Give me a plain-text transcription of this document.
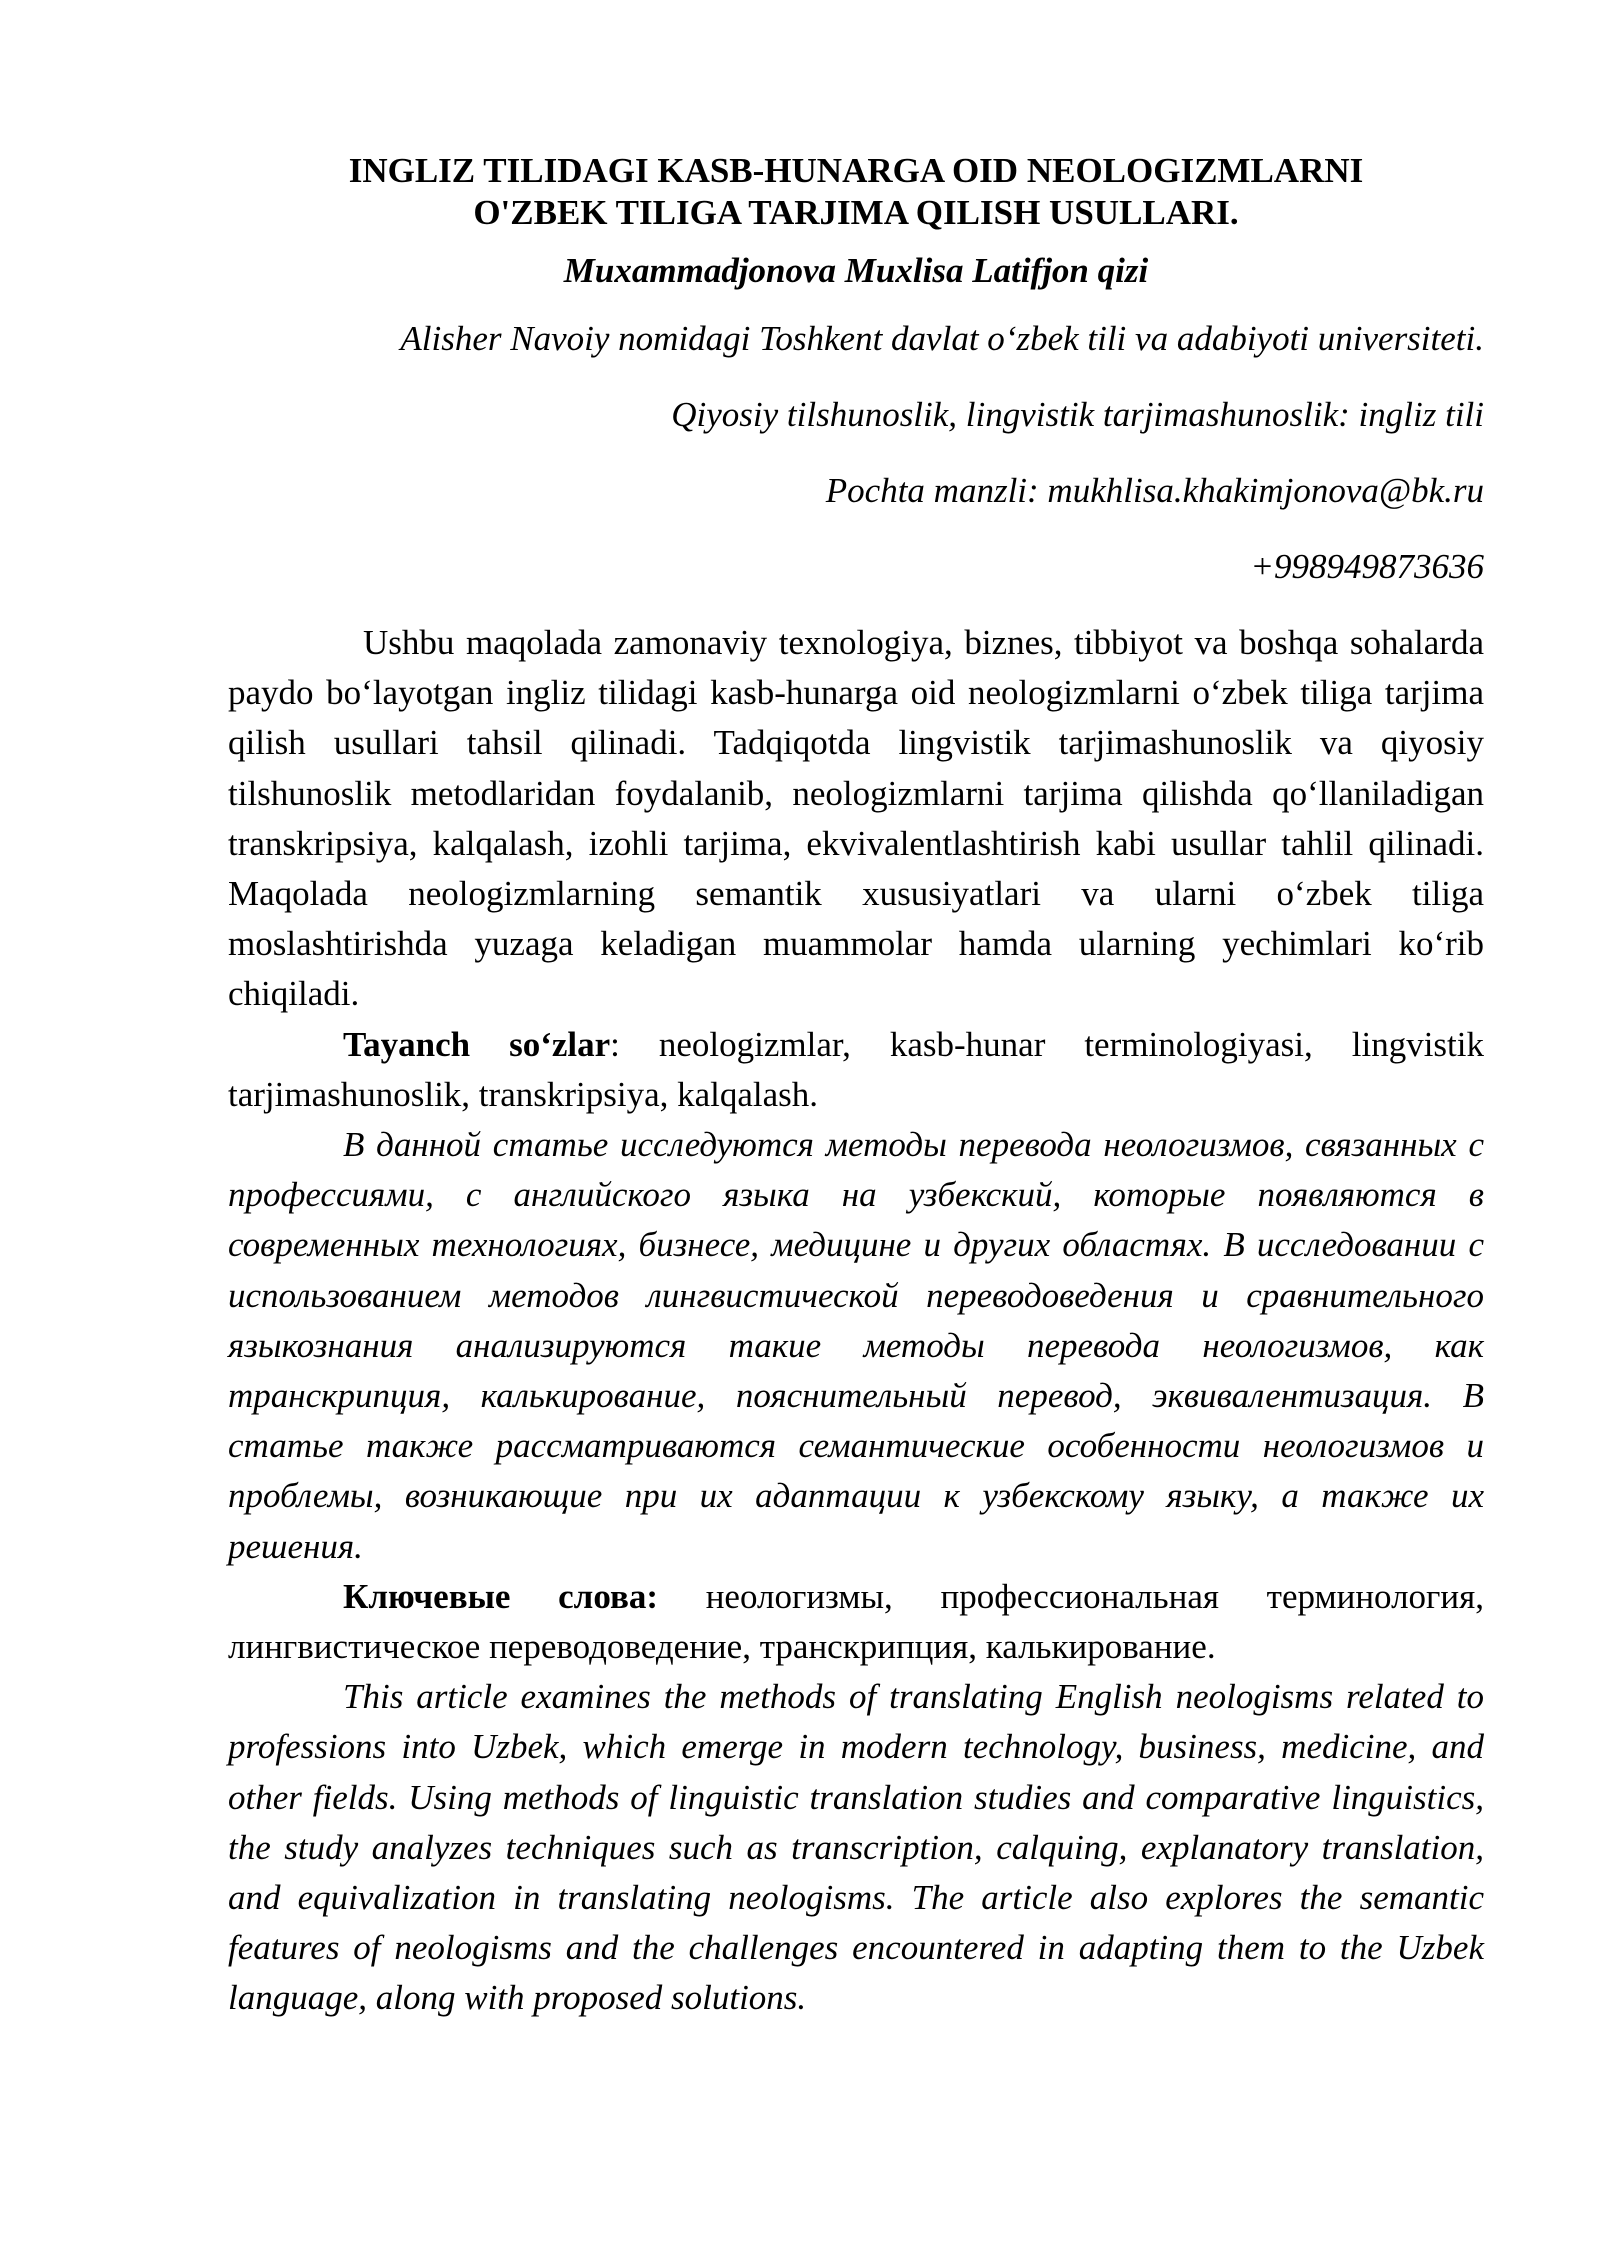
INGLIZ TILIDAGI KASB-HUNARGA OID NEOLOGIZMLARNI
O'ZBEK TILIGA TARJIMA QILISH USULLARI.

Muxammadjonova Muxlisa Latifjon qizi

Alisher Navoiy nomidagi Toshkent davlat o‘zbek tili va adabiyoti universiteti.

Qiyosiy tilshunoslik, lingvistik tarjimashunoslik: ingliz tili

Pochta manzli: mukhlisa.khakimjonova@bk.ru

+998949873636

Ushbu maqolada zamonaviy texnologiya, biznes, tibbiyot va boshqa sohalarda paydo bo‘layotgan ingliz tilidagi kasb-hunarga oid neologizmlarni o‘zbek tiliga tarjima qilish usullari tahsil qilinadi. Tadqiqotda lingvistik tarjimashunoslik va qiyosiy tilshunoslik metodlaridan foydalanib, neologizmlarni tarjima qilishda qo‘llaniladigan transkripsiya, kalqalash, izohli tarjima, ekvivalentlashtirish kabi usullar tahlil qilinadi. Maqolada neologizmlarning semantik xususiyatlari va ularni o‘zbek tiliga moslashtirishda yuzaga keladigan muammolar hamda ularning yechimlari ko‘rib chiqiladi.

Tayanch so‘zlar: neologizmlar, kasb-hunar terminologiyasi, lingvistik tarjimashunoslik, transkripsiya, kalqalash.

В данной статье исследуются методы перевода неологизмов, связанных с профессиями, с английского языка на узбекский, которые появляются в современных технологиях, бизнесе, медицине и других областях. В исследовании с использованием методов лингвистической переводоведения и сравнительного языкознания анализируются такие методы перевода неологизмов, как транскрипция, калькирование, пояснительный перевод, эквивалентизация. В статье также рассматриваются семантические особенности неологизмов и проблемы, возникающие при их адаптации к узбекскому языку, а также их решения.

Ключевые слова: неологизмы, профессиональная терминология, лингвистическое переводоведение, транскрипция, калькирование.

This article examines the methods of translating English neologisms related to professions into Uzbek, which emerge in modern technology, business, medicine, and other fields. Using methods of linguistic translation studies and comparative linguistics, the study analyzes techniques such as transcription, calquing, explanatory translation, and equivalization in translating neologisms. The article also explores the semantic features of neologisms and the challenges encountered in adapting them to the Uzbek language, along with proposed solutions.
